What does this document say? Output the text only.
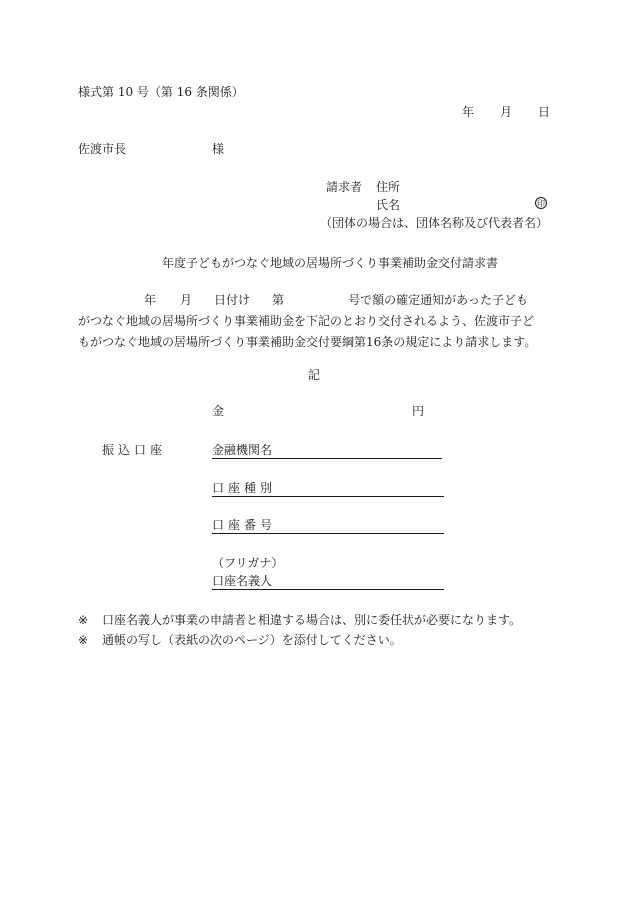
様式第 10 号（第 16 条関係）
年 月 日
佐渡市長	様
請求者 住所
氏名	印
（団体の場合は、団体名称及び代表者名）
年度子どもがつなぐ地域の居場所づくり事業補助金交付請求書

年 月 日付け 第	号で額の確定通知があった子ども

がつなぐ地域の居場所づくり事業補助金を下記のとおり交付されるよう、佐渡市子ど

もがつなぐ地域の居場所づくり事業補助金交付要綱第16条の規定により請求します。

記
金	円
振込口座	金融機関名
口座種別
口座番号
（フリガナ）
口座名義人
※ 口座名義人が事業の申請者と相違する場合は、別に委任状が必要になります。
※ 通帳の写し（表紙の次のページ）を添付してください。
